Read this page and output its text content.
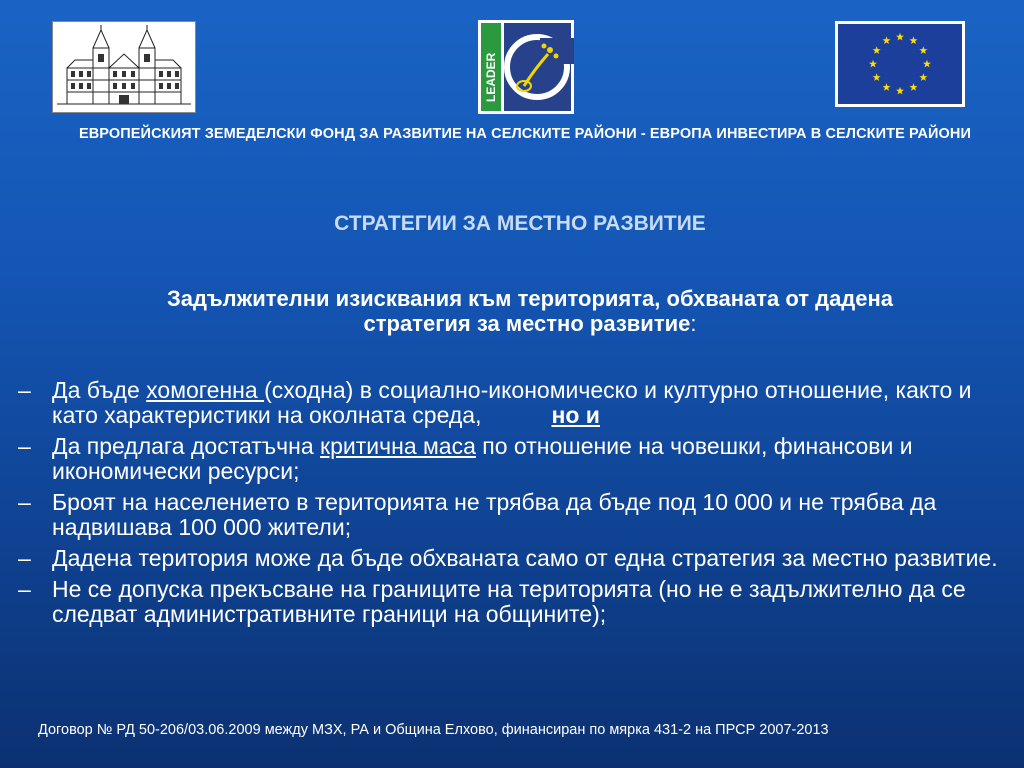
LEADER
ЕВРОПЕЙСКИЯТ ЗЕМЕДЕЛСКИ ФОНД ЗА РАЗВИТИЕ НА СЕЛСКИТЕ РАЙОНИ - ЕВРОПА ИНВЕСТИРА В СЕЛСКИТЕ РАЙОНИ
СТРАТЕГИИ ЗА МЕСТНО РАЗВИТИЕ
Задължителни изисквания към територията, обхваната от дадена
стратегия за местно развитие:
– Да бъде хомогенна (сходна) в социално-икономическо и културно отношение, както и като характеристики на околната среда,	но и
– Да предлага достатъчна критична маса по отношение на човешки, финансови и икономически ресурси;
– Броят на населението в територията не трябва да бъде под 10 000 и не трябва да надвишава 100 000 жители;
– Дадена територия може да бъде обхваната само от една стратегия за местно развитие.
– Не се допуска прекъсване на границите на територията (но не е задължително да се следват административните граници на общините);
Договор № РД 50-206/03.06.2009 между МЗХ, РА и Община Елхово, финансиран по мярка 431-2 на ПРСР 2007-2013
